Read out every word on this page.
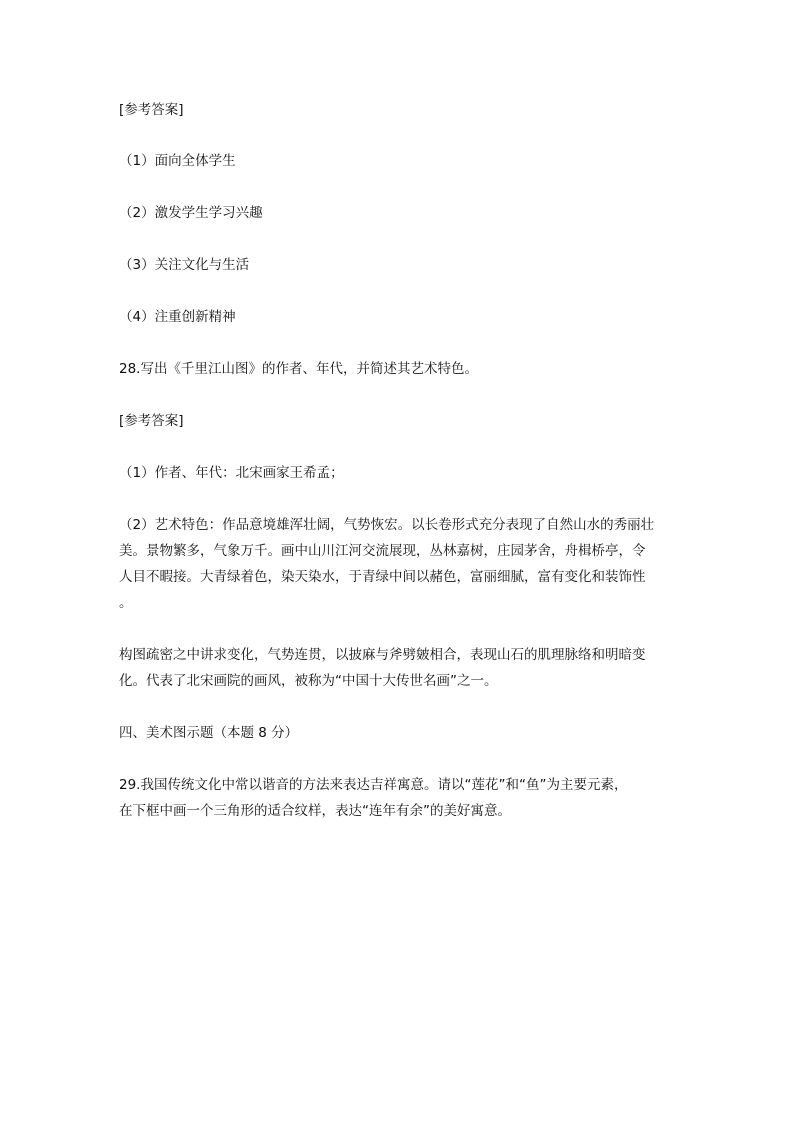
[参考答案]
（1）面向全体学生
（2）激发学生学习兴趣
（3）关注文化与生活
（4）注重创新精神
28.写出《千里江山图》的作者、年代，并简述其艺术特色。
[参考答案]
（1）作者、年代：北宋画家王希孟；
（2）艺术特色：作品意境雄浑壮阔，气势恢宏。以长卷形式充分表现了自然山水的秀丽壮
美。景物繁多，气象万千。画中山川江河交流展现，丛林嘉树，庄园茅舍，舟楫桥亭，令
人目不暇接。大青绿着色，染天染水，于青绿中间以赭色，富丽细腻，富有变化和装饰性
。
构图疏密之中讲求变化，气势连贯，以披麻与斧劈皴相合，表现山石的肌理脉络和明暗变
化。代表了北宋画院的画风，被称为“中国十大传世名画”之一。
四、美术图示题（本题 8 分）
29.我国传统文化中常以谐音的方法来表达吉祥寓意。请以“莲花”和“鱼”为主要元素，
在下框中画一个三角形的适合纹样，表达“连年有余”的美好寓意。
